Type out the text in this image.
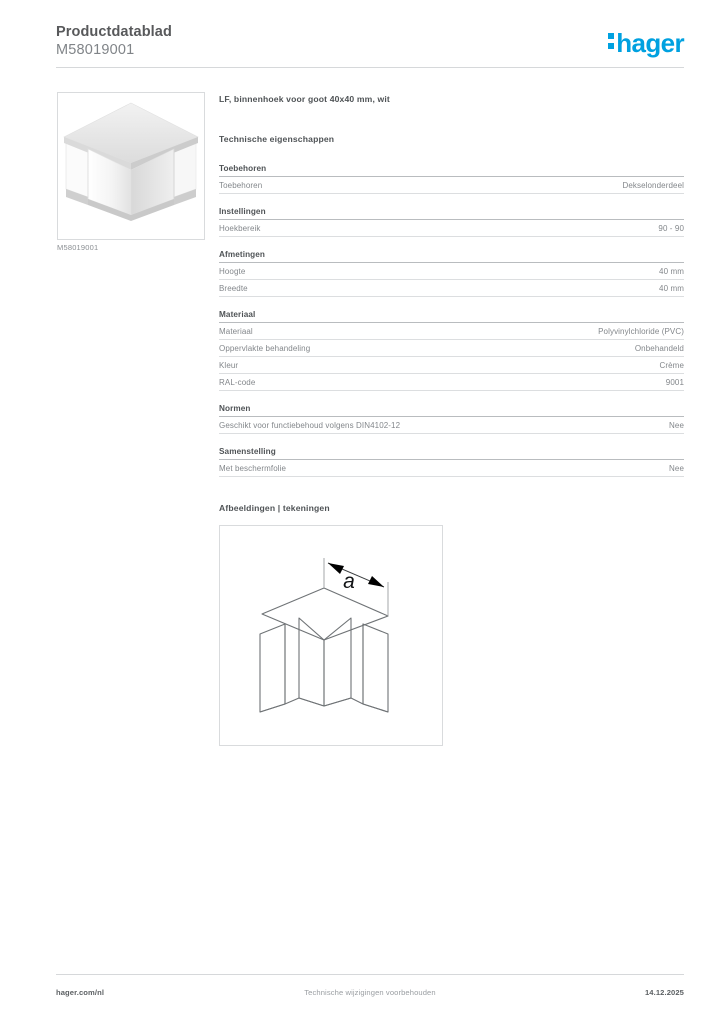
Productdatablad
M58019001	hager
M58019001
LF, binnenhoek voor goot 40x40 mm, wit
Technische eigenschappen
Toebehoren
Toebehoren	Dekselonderdeel
Instellingen
Hoekbereik	90 - 90
Afmetingen
Hoogte	40 mm
Breedte	40 mm
Materiaal
Materiaal	Polyvinylchloride (PVC)
Oppervlakte behandeling	Onbehandeld
Kleur	Crème
RAL-code	9001
Normen
Geschikt voor functiebehoud volgens DIN4102-12	Nee
Samenstelling
Met beschermfolie	Nee
Afbeeldingen | tekeningen
a
hager.com/nl	Technische wijzigingen voorbehouden	14.12.2025
